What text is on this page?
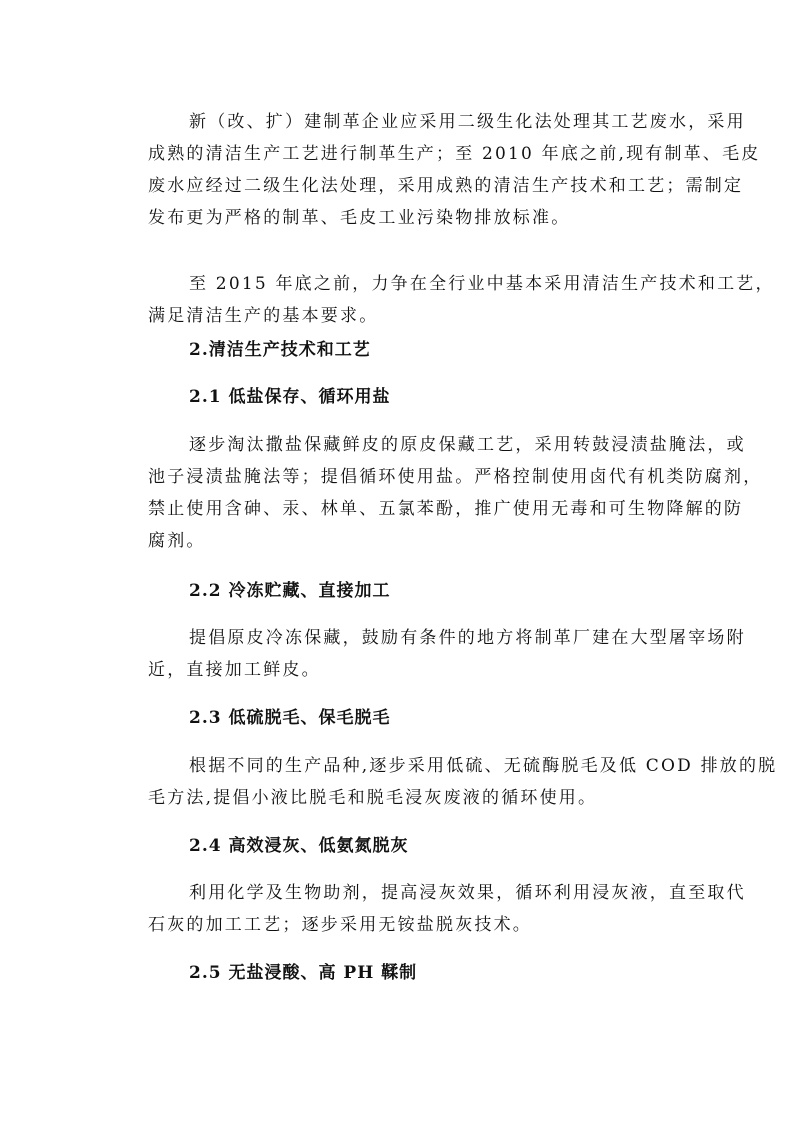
新（改、扩）建制革企业应采用二级生化法处理其工艺废水，采用
成熟的清洁生产工艺进行制革生产；至 2010 年底之前,现有制革、毛皮
废水应经过二级生化法处理，采用成熟的清洁生产技术和工艺；需制定
发布更为严格的制革、毛皮工业污染物排放标准。
至 2015 年底之前，力争在全行业中基本采用清洁生产技术和工艺，
满足清洁生产的基本要求。
2.清洁生产技术和工艺
2.1 低盐保存、循环用盐
逐步淘汰撒盐保藏鲜皮的原皮保藏工艺，采用转鼓浸渍盐腌法，或
池子浸渍盐腌法等；提倡循环使用盐。严格控制使用卤代有机类防腐剂，
禁止使用含砷、汞、林单、五氯苯酚，推广使用无毒和可生物降解的防
腐剂。
2.2 冷冻贮藏、直接加工
提倡原皮冷冻保藏，鼓励有条件的地方将制革厂建在大型屠宰场附
近，直接加工鲜皮。
2.3 低硫脱毛、保毛脱毛
根据不同的生产品种,逐步采用低硫、无硫酶脱毛及低 COD 排放的脱
毛方法,提倡小液比脱毛和脱毛浸灰废液的循环使用。
2.4 高效浸灰、低氨氮脱灰
利用化学及生物助剂，提高浸灰效果，循环利用浸灰液，直至取代
石灰的加工工艺；逐步采用无铵盐脱灰技术。
2.5 无盐浸酸、高 PH 鞣制
